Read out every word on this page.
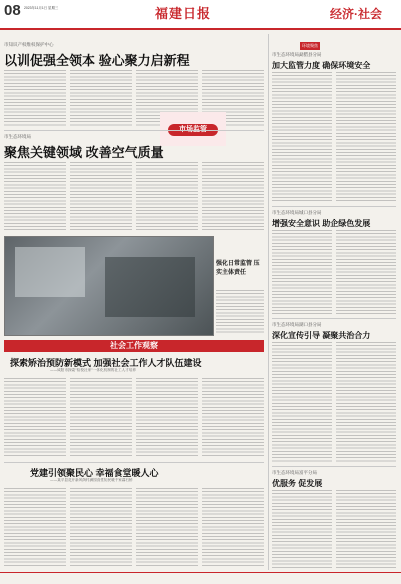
08 2023年11月1日 星期三	福建日报	经济·社会
市知识产权维权保护中心
以训促强全领本 验心聚力启新程
市生态环境局
聚焦关键领域 改善空气质量
强化日常监管 压实主体责任
社会工作观察
探索矫治预防新模式 加强社会工作人才队伍建设
——咸阳市探索"检校社家"一体化机制的社工人才培养
党建引领聚民心 幸福食堂暖人心
——某平县花开新风荫村满园食堂知民暖千家暮石桥
环境聚焦
市生态环境局勐腊县分局
加大监管力度 确保环境安全
市生态环境局城口县分局
增强安全意识 助企绿色发展
市生态环境局湖口县分局
深化宣传引导 凝聚共治合力
市生态环境局富平分局
优服务 促发展
